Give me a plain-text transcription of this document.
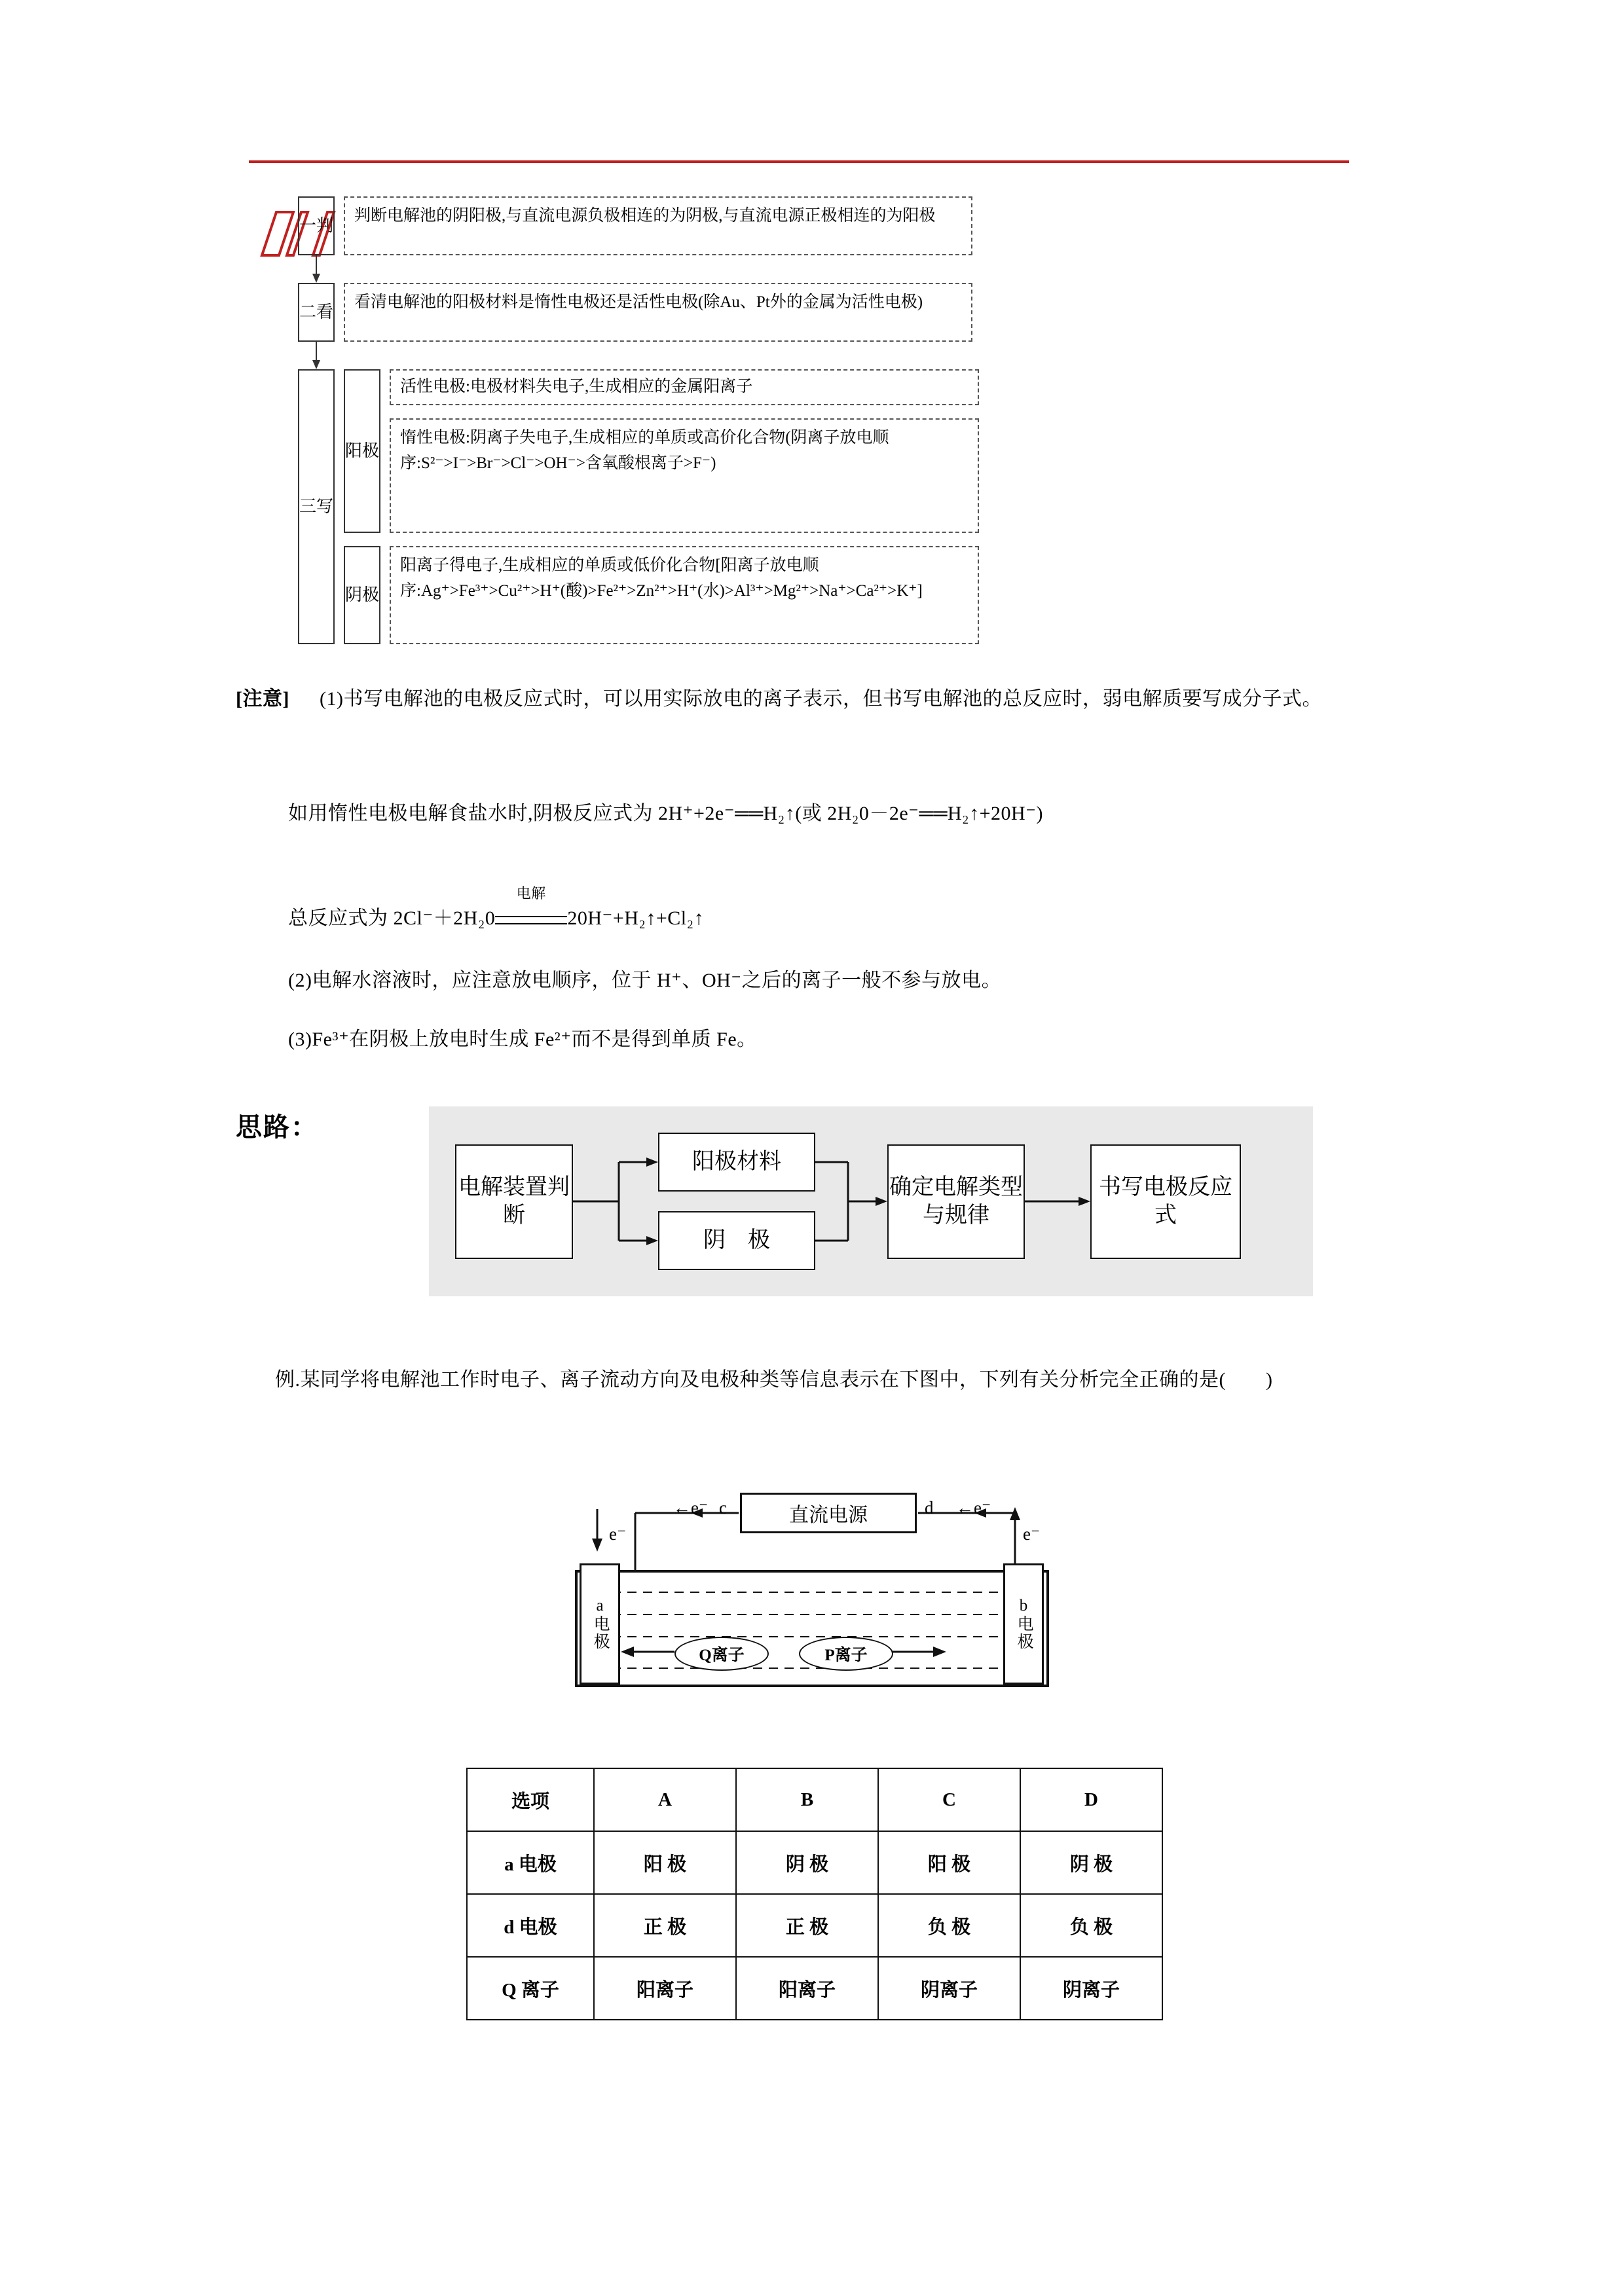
一判
判断电解池的阴阳极,与直流电源负极相连的为阴极,与直流电源正极相连的为阳极
二看
看清电解池的阳极材料是惰性电极还是活性电极(除Au、Pt外的金属为活性电极)
三写
阳极
阴极
活性电极:电极材料失电子,生成相应的金属阳离子
惰性电极:阴离子失电子,生成相应的单质或高价化合物(阴离子放电顺序:S²⁻>I⁻>Br⁻>Cl⁻>OH⁻>含氧酸根离子>F⁻)
阳离子得电子,生成相应的单质或低价化合物[阳离子放电顺序:Ag⁺>Fe³⁺>Cu²⁺>H⁺(酸)>Fe²⁺>Zn²⁺>H⁺(水)>Al³⁺>Mg²⁺>Na⁺>Ca²⁺>K⁺]
[注意] (1)书写电解池的电极反应式时，可以用实际放电的离子表示，但书写电解池的总反应时，弱电解质要写成分子式。
如用惰性电极电解食盐水时,阴极反应式为 2H⁺+2e⁻══H₂↑(或 2H₂0－2e⁻══H₂↑+20H⁻)
总反应式为 2Cl⁻＋2H₂0
电解
20H⁻+H₂↑+Cl₂↑
(2)电解水溶液时，应注意放电顺序，位于 H⁺、OH⁻之后的离子一般不参与放电。
(3)Fe³⁺在阴极上放电时生成 Fe²⁺而不是得到单质 Fe。
思路：
电解装置判断
阳极材料
阴　极
确定电解类型与规律
书写电极反应式
例.某同学将电解池工作时电子、离子流动方向及电极种类等信息表示在下图中，下列有关分析完全正确的是(　　)
直流电源
a
电极
b
电极
←e⁻ c	d ←e⁻
e⁻	e⁻
Q离子	P离子
选项	A	B	C	D
a 电极	阳 极	阴 极	阳 极	阴 极
d 电极	正 极	正 极	负 极	负 极
Q 离子	阳离子	阳离子	阴离子	阴离子
